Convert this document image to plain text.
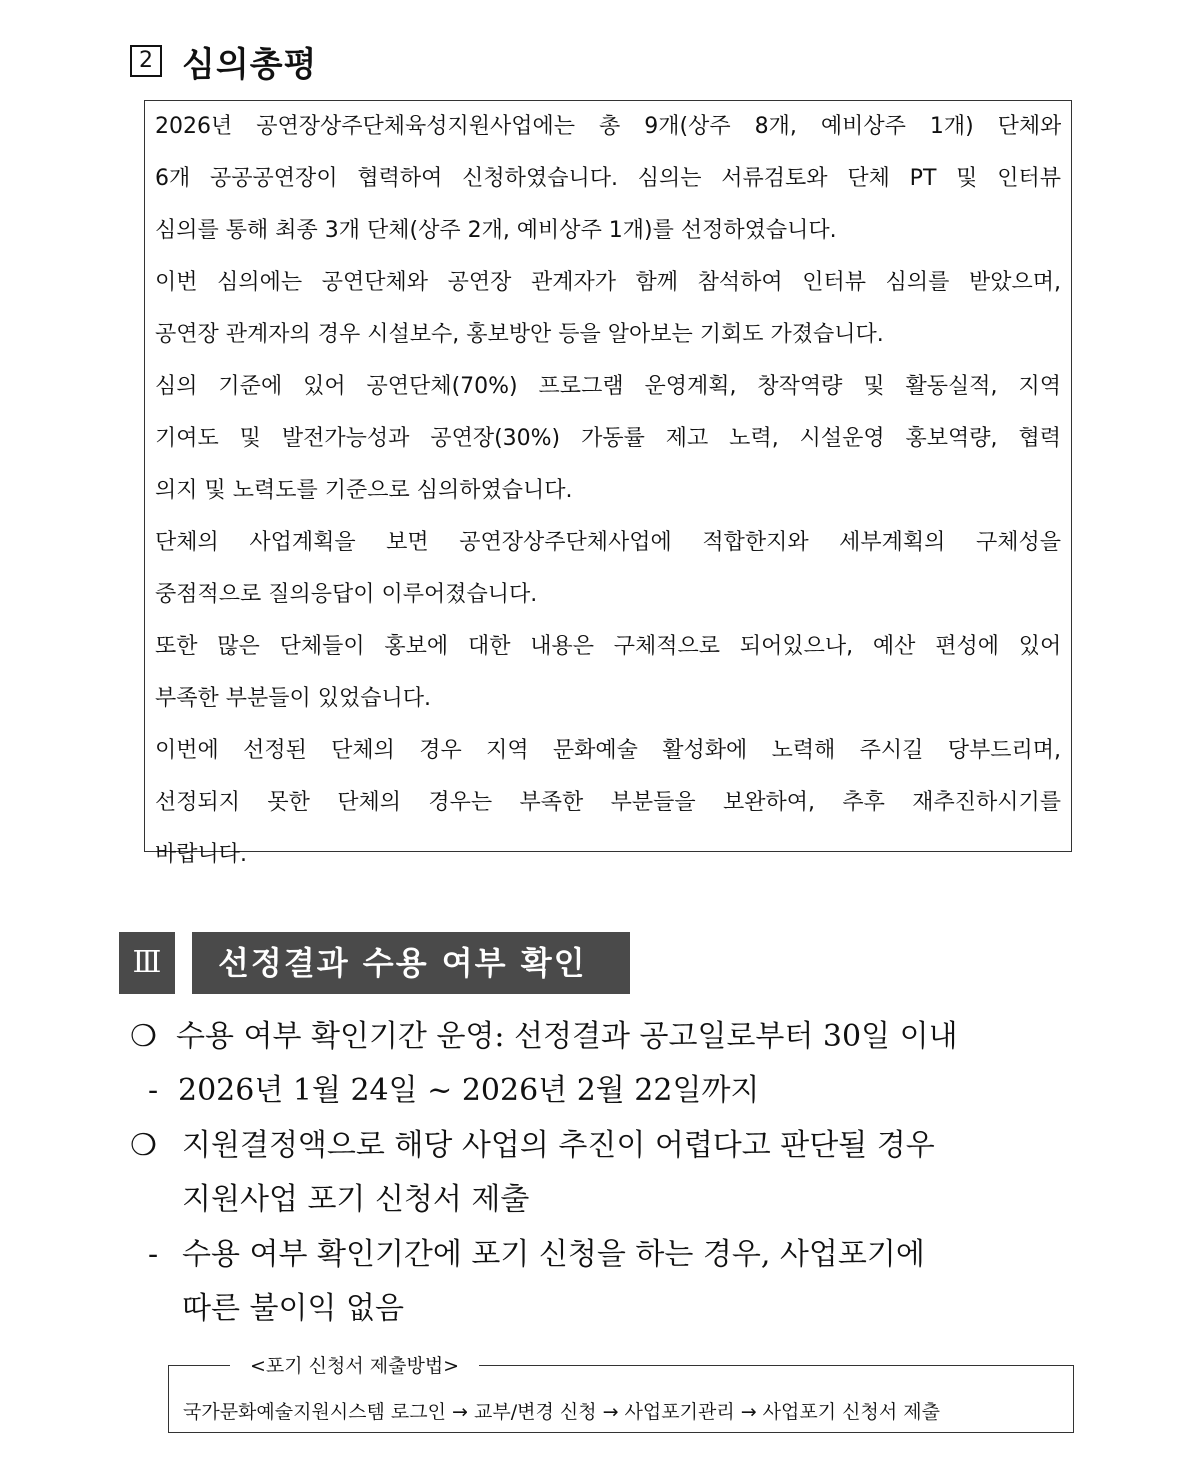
2 심의총평

2026년 공연장상주단체육성지원사업에는 총 9개(상주 8개, 예비상주 1개) 단체와

6개 공공공연장이 협력하여 신청하였습니다. 심의는 서류검토와 단체 PT 및 인터뷰

심의를 통해 최종 3개 단체(상주 2개, 예비상주 1개)를 선정하였습니다.

이번 심의에는 공연단체와 공연장 관계자가 함께 참석하여 인터뷰 심의를 받았으며,

공연장 관계자의 경우 시설보수, 홍보방안 등을 알아보는 기회도 가졌습니다.

심의 기준에 있어 공연단체(70%) 프로그램 운영계획, 창작역량 및 활동실적, 지역

기여도 및 발전가능성과 공연장(30%) 가동률 제고 노력, 시설운영 홍보역량, 협력

의지 및 노력도를 기준으로 심의하였습니다.

단체의 사업계획을 보면 공연장상주단체사업에 적합한지와 세부계획의 구체성을

중점적으로 질의응답이 이루어졌습니다.

또한 많은 단체들이 홍보에 대한 내용은 구체적으로 되어있으나, 예산 편성에 있어

부족한 부분들이 있었습니다.

이번에 선정된 단체의 경우 지역 문화예술 활성화에 노력해 주시길 당부드리며,

선정되지 못한 단체의 경우는 부족한 부분들을 보완하여, 추후 재추진하시기를

바랍니다.

Ⅲ	선정결과 수용 여부 확인
❍ 수용 여부 확인기간 운영: 선정결과 공고일로부터 30일 이내
- 2026년 1월 24일 ~ 2026년 2월 22일까지
❍ 지원결정액으로 해당 사업의 추진이 어렵다고 판단될 경우
지원사업 포기 신청서 제출
- 수용 여부 확인기간에 포기 신청을 하는 경우, 사업포기에
따른 불이익 없음
<포기 신청서 제출방법>
국가문화예술지원시스템 로그인 → 교부/변경 신청 → 사업포기관리 → 사업포기 신청서 제출
